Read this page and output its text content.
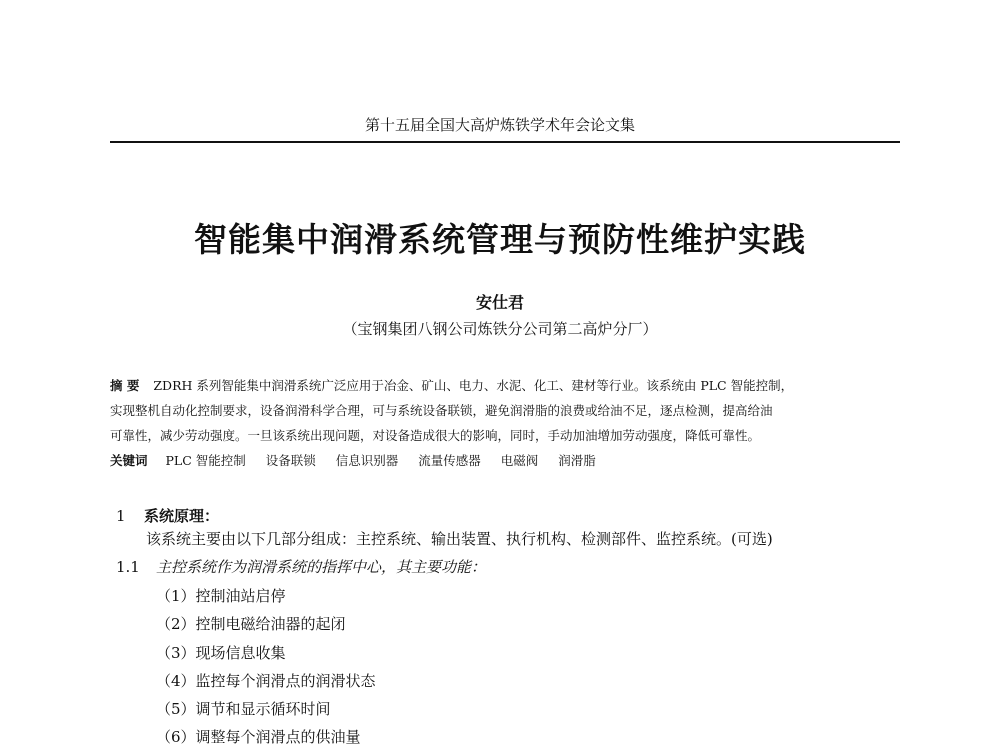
第十五届全国大高炉炼铁学术年会论文集
智能集中润滑系统管理与预防性维护实践
安仕君
（宝钢集团八钢公司炼铁分公司第二高炉分厂）
摘 要 ZDRH 系列智能集中润滑系统广泛应用于冶金、矿山、电力、水泥、化工、建材等行业。该系统由 PLC 智能控制，
实现整机自动化控制要求，设备润滑科学合理，可与系统设备联锁，避免润滑脂的浪费或给油不足，逐点检测，提高给油
可靠性，减少劳动强度。一旦该系统出现问题，对设备造成很大的影响，同时，手动加油增加劳动强度，降低可靠性。
关键词 PLC 智能控制 设备联锁 信息识别器 流量传感器 电磁阀 润滑脂
1 系统原理：
该系统主要由以下几部分组成：主控系统、输出装置、执行机构、检测部件、监控系统。(可选)
1.1 主控系统作为润滑系统的指挥中心，其主要功能：
（1）控制油站启停
（2）控制电磁给油器的起闭
（3）现场信息收集
（4）监控每个润滑点的润滑状态
（5）调节和显示循环时间
（6）调整每个润滑点的供油量
